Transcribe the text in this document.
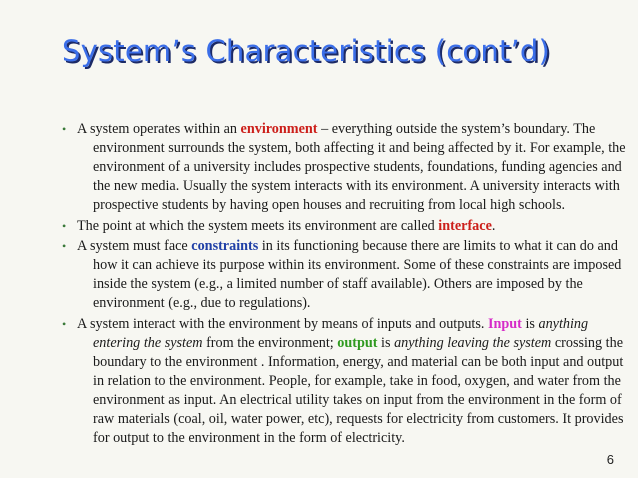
System’s Characteristics (cont’d)

• A system operates within an environment – everything outside the system’s boundary. The environment surrounds the system, both affecting it and being affected by it. For example, the environment of a university includes prospective students, foundations, funding agencies and the new media. Usually the system interacts with its environment. A university interacts with prospective students by having open houses and recruiting from local high schools.

• The point at which the system meets its environment are called interface.

• A system must face constraints in its functioning because there are limits to what it can do and how it can achieve its purpose within its environment. Some of these constraints are imposed inside the system (e.g., a limited number of staff available). Others are imposed by the environment (e.g., due to regulations).

• A system interact with the environment by means of inputs and outputs. Input is anything entering the system from the environment; output is anything leaving the system crossing the boundary to the environment . Information, energy, and material can be both input and output in relation to the environment. People, for example, take in food, oxygen, and water from the environment as input. An electrical utility takes on input from the environment in the form of raw materials (coal, oil, water power, etc), requests for electricity from customers. It provides for output to the environment in the form of electricity.

6
